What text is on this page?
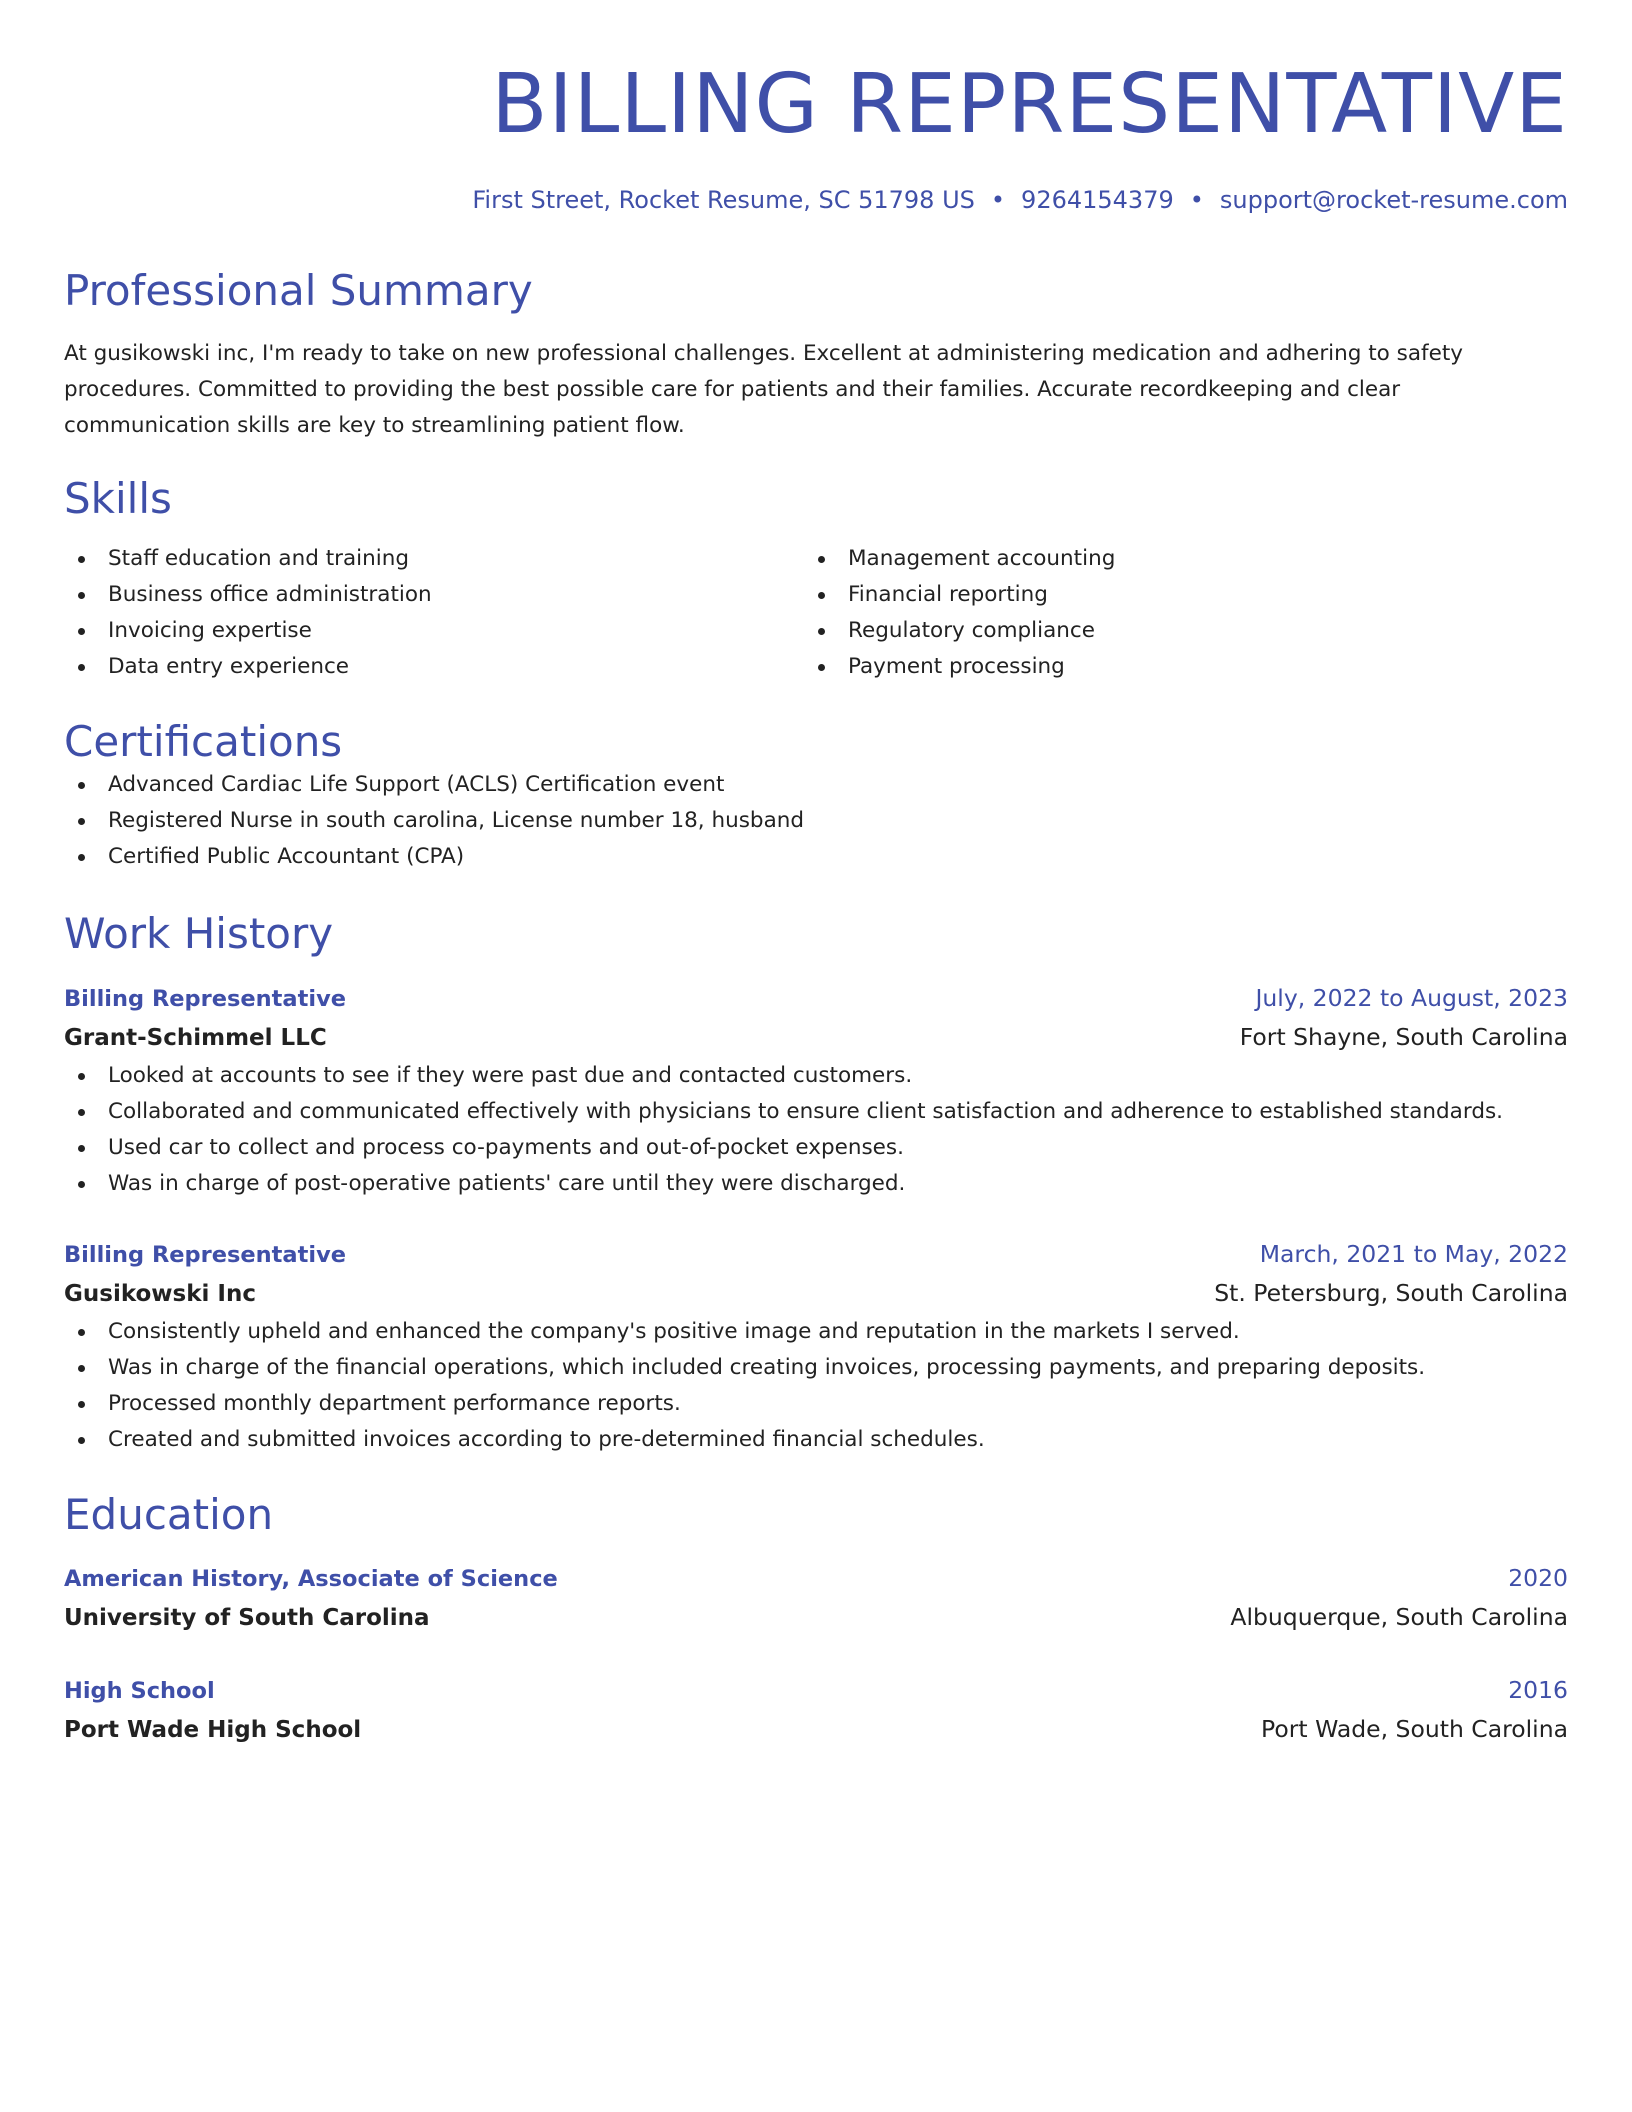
BILLING REPRESENTATIVE
First Street, Rocket Resume, SC 51798 US • 9264154379 • support@rocket-resume.com
Professional Summary

At gusikowski inc, I'm ready to take on new professional challenges. Excellent at administering medication and adhering to safety procedures. Committed to providing the best possible care for patients and their families. Accurate recordkeeping and clear communication skills are key to streamlining patient flow.

Skills
Staff education and training
Business office administration
Invoicing expertise
Data entry experience
Management accounting
Financial reporting
Regulatory compliance
Payment processing
Certifications
Advanced Cardiac Life Support (ACLS) Certification event
Registered Nurse in south carolina, License number 18, husband
Certified Public Accountant (CPA)
Work History
Billing Representative	July, 2022 to August, 2023
Grant-Schimmel LLC	Fort Shayne, South Carolina
Looked at accounts to see if they were past due and contacted customers.
Collaborated and communicated effectively with physicians to ensure client satisfaction and adherence to established standards.
Used car to collect and process co-payments and out-of-pocket expenses.
Was in charge of post-operative patients' care until they were discharged.
Billing Representative	March, 2021 to May, 2022
Gusikowski Inc	St. Petersburg, South Carolina
Consistently upheld and enhanced the company's positive image and reputation in the markets I served.
Was in charge of the financial operations, which included creating invoices, processing payments, and preparing deposits.
Processed monthly department performance reports.
Created and submitted invoices according to pre-determined financial schedules.
Education
American History, Associate of Science	2020
University of South Carolina	Albuquerque, South Carolina
High School	2016
Port Wade High School	Port Wade, South Carolina
